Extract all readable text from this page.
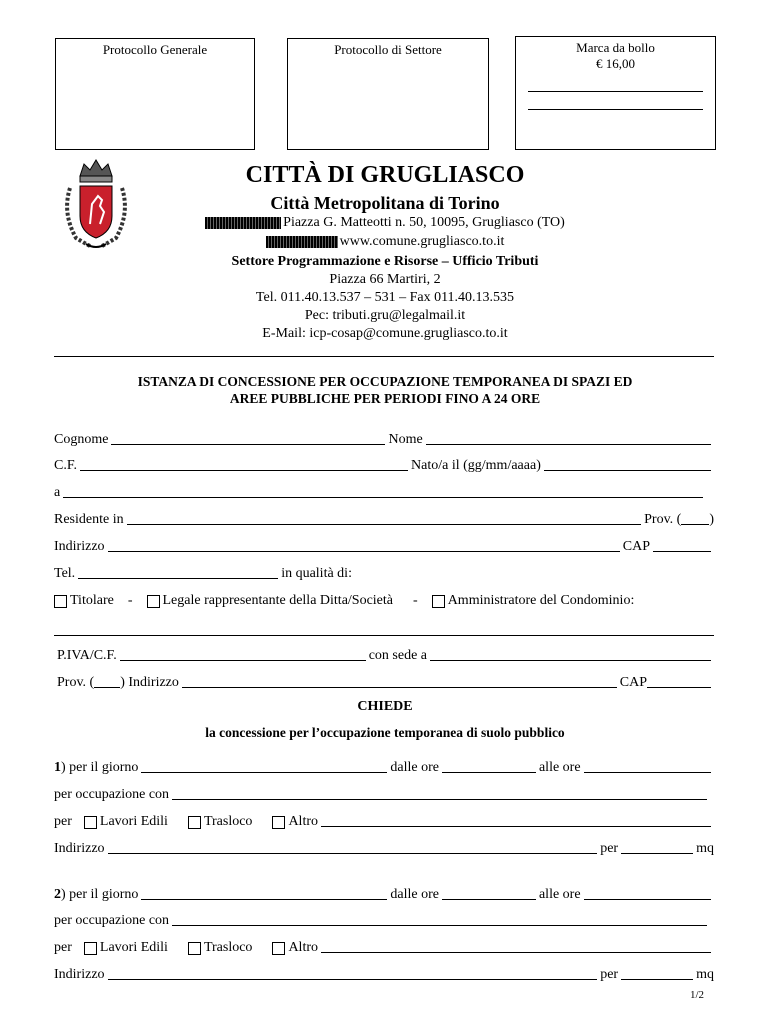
Protocollo Generale	Protocollo di Settore	Marca da bollo
€ 16,00
CITTÀ DI GRUGLIASCO
Città Metropolitana di Torino
Piazza G. Matteotti n. 50, 10095, Grugliasco (TO)
www.comune.grugliasco.to.it
Settore Programmazione e Risorse – Ufficio Tributi
Piazza 66 Martiri, 2
Tel. 011.40.13.537 – 531 – Fax 011.40.13.535
Pec: tributi.gru@legalmail.it
E-Mail: icp-cosap@comune.grugliasco.to.it
ISTANZA DI CONCESSIONE PER OCCUPAZIONE TEMPORANEA DI SPAZI ED
AREE PUBBLICHE PER PERIODI FINO A 24 ORE
Cognome	Nome
C.F.	Nato/a il (gg/mm/aaaa)
a
Residente in	Prov. ( )
Indirizzo	CAP
Tel.	in qualità di:
Titolare - Legale rappresentante della Ditta/Società - Amministratore del Condominio:
P.IVA/C.F.	con sede a
Prov. ( ) Indirizzo	CAP
CHIEDE
la concessione per l’occupazione temporanea di suolo pubblico
1 ) per il giorno	dalle ore	alle ore
per occupazione con
per Lavori Edili	Trasloco	Altro
Indirizzo	per	mq
2 ) per il giorno	dalle ore	alle ore
per occupazione con
per Lavori Edili	Trasloco	Altro
Indirizzo	per	mq
1/2
